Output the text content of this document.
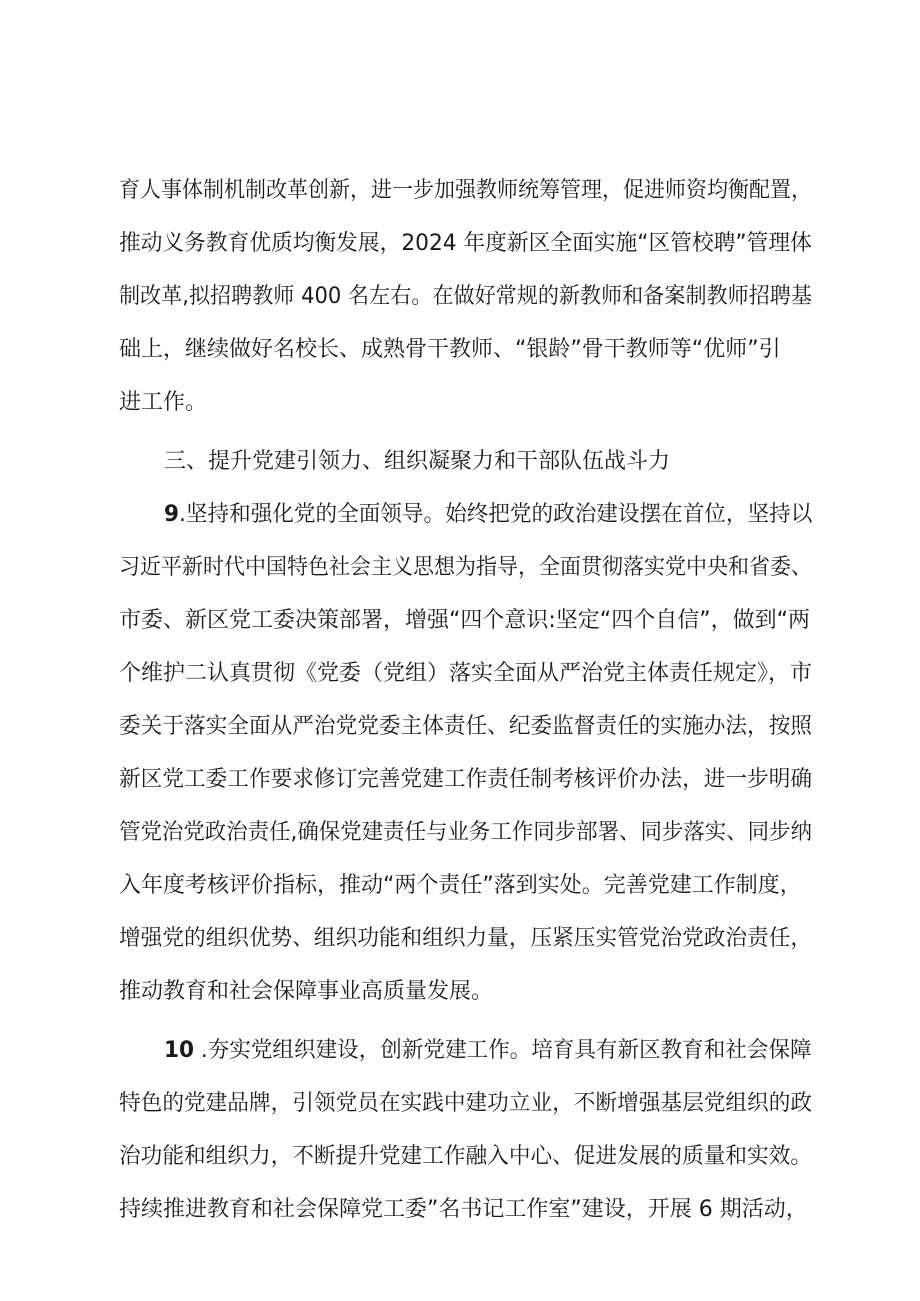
育人事体制机制改革创新，进一步加强教师统筹管理，促进师资均衡配置，
推动义务教育优质均衡发展，2024 年度新区全面实施“区管校聘”管理体
制改革,拟招聘教师 400 名左右。在做好常规的新教师和备案制教师招聘基
础上，继续做好名校长、成熟骨干教师、“银龄”骨干教师等“优师”引
进工作。
三、提升党建引领力、组织凝聚力和干部队伍战斗力
9.坚持和强化党的全面领导。始终把党的政治建设摆在首位，坚持以
习近平新时代中国特色社会主义思想为指导，全面贯彻落实党中央和省委、
市委、新区党工委决策部署，增强“四个意识:坚定“四个自信”，做到“两
个维护二认真贯彻《党委（党组）落实全面从严治党主体责任规定》，市
委关于落实全面从严治党党委主体责任、纪委监督责任的实施办法，按照
新区党工委工作要求修订完善党建工作责任制考核评价办法，进一步明确
管党治党政治责任,确保党建责任与业务工作同步部署、同步落实、同步纳
入年度考核评价指标，推动“两个责任”落到实处。完善党建工作制度，
增强党的组织优势、组织功能和组织力量，压紧压实管党治党政治责任，
推动教育和社会保障事业高质量发展。
10 .夯实党组织建设，创新党建工作。培育具有新区教育和社会保障
特色的党建品牌，引领党员在实践中建功立业，不断增强基层党组织的政
治功能和组织力，不断提升党建工作融入中心、促进发展的质量和实效。
持续推进教育和社会保障党工委”名书记工作室”建设，开展 6 期活动，
